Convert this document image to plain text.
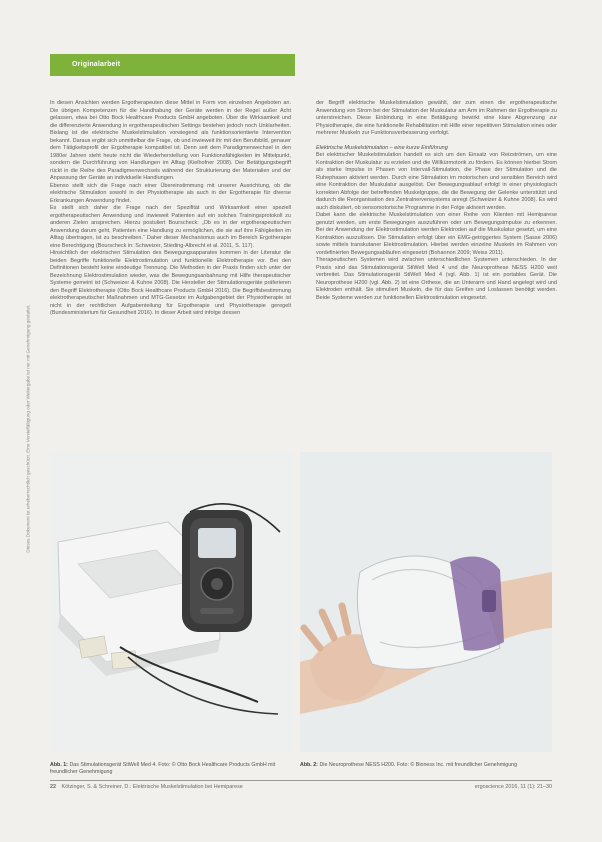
Originalarbeit
Dieses Dokument ist urheberrechtlich geschützt. Eine Vervielfältigung oder Weitergabe ist nur mit Genehmigung gestattet.

In diesen Ansichten werden Ergotherapeuten diese Mittel in Form von einzelnen Angeboten an. Die übrigen Kompetenzen für die Handhabung der Geräte werden in der Regel außer Acht gelassen, etwa bei Otto Bock Healthcare Products GmbH angeboten. Über die Wirksamkeit und die differenzierte Anwendung in ergotherapeutischen Settings bestehen jedoch noch Unklarheiten. Bislang ist die elektrische Muskelstimulation vorwiegend als funktionsorientierte Intervention bekannt. Daraus ergibt sich unmittelbar die Frage, ob und inwieweit ihr mit den Berufsbild, genauer dem Tätigkeitsprofil der Ergotherapie kompatibel ist. Denn seit dem Paradigmenwechsel in den 1980er Jahren steht heute nicht die Wiederherstellung von Funktionsfähigkeiten im Mittelpunkt, sondern die Durchführung von Handlungen im Alltag (Kielhofner 2008). Der Betätigungsbegriff rückt in die Reihe des Paradigmenwechsels während der Strukturierung der Materialien und der Anpassung der Geräte an individuelle Handlungen.

Ebenso stellt sich die Frage nach einer Übereinstimmung mit unserer Ausrichtung, ob die elektrische Stimulation sowohl in der Physiotherapie als auch in der Ergotherapie für diverse Erkrankungen Anwendung findet.

Es stellt sich daher die Frage nach der Spezifität und Wirksamkeit einer speziell ergotherapeutischen Anwendung und inwieweit Patienten auf ein solches Trainingsprotokoll zu anderen Zielen ansprechen. Hierzu postuliert Bourscheck: „Ob es in der ergotherapeutischen Anwendung darum geht, Patienten eine Handlung zu ermöglichen, die sie auf ihre Fähigkeiten im Alltag übertragen, ist zu beschreiben.“ Daher dieser Mechanismus auch im Bereich Ergotherapie eine Berechtigung (Bourscheck in: Schweizer, Stieding-Albrecht et al. 2011, S. 117).

Hinsichtlich der elektrischen Stimulation des Bewegungsapparates kommen in der Literatur die beiden Begriffe funktionelle Elektrostimulation und funktionelle Elektrotherapie vor. Bei den Definitionen besteht keine eindeutige Trennung. Die Methoden in der Praxis finden sich unter der Bezeichnung Elektrostimulation wieder, was die Bewegungsanbahnung mit Hilfe therapeutischer Systeme gemeint ist (Schweizer & Kuhne 2008). Die Hersteller der Stimulationsgeräte präferieren den Begriff Elektrotherapie (Otto Bock Healthcare Products GmbH 2016). Die Begriffsbestimmung elektrotherapeutischer Maßnahmen und MTG-Gesetze im Aufgabengebiet der Physiotherapie ist nicht in der rechtlichen Aufgabenteilung für Ergotherapie und Physiotherapie geregelt (Bundesministerium für Gesundheit 2016). In dieser Arbeit wird infolge dessen

der Begriff elektrische Muskelstimulation gewählt, der zum einen die ergotherapeutische Anwendung von Strom bei der Stimulation der Muskulatur am Arm im Rahmen der Ergotherapie zu unterstreichen. Diese Einbindung in eine Betätigung bewirkt eine klare Abgrenzung zur Physiotherapie, die eine funktionelle Rehabilitation mit Hilfe einer repetitiven Stimulation eines oder mehrerer Muskeln zur Funktionsverbesserung verfolgt.

Elektrische Muskelstimulation – eine kurze Einführung

Bei elektrischer Muskelstimulation handelt es sich um den Einsatz von Reizströmen, um eine Kontraktion der Muskulatur zu erzielen und die Willkürmotorik zu fördern. Es können hierbei Strom als starke Impulse in Phasen von Intervall-Stimulation, die Phase der Stimulation und die Ruhephasen aktiviert werden. Durch eine Stimulation im motorischen und sensiblen Bereich wird eine Kontraktion der Muskulatur ausgelöst. Der Bewegungsablauf erfolgt in einer physiologisch korrekten Abfolge der betreffenden Muskelgruppe, die die Bewegung der Gelenke unterstützt und dadurch die Reorganisation des Zentralnervensystems anregt (Schweizer & Kuhne 2008). Es wird auch diskutiert, ob sensomotorische Programme in der Folge aktiviert werden.

Dabei kann die elektrische Muskelstimulation von einer Reihe von Klienten mit Hemiparese genutzt werden, um erste Bewegungen auszuführen oder um Bewegungsimpulse zu erkennen. Bei der Anwendung der Elektrostimulation werden Elektroden auf die Muskulatur gesetzt, um eine Kontraktion auszulösen. Die Stimulation erfolgt über ein EMG-getriggertes System (Sasse 2006) sowie mittels transkutaner Elektrostimulation. Hierbei werden einzelne Muskeln im Rahmen von vordefinierten Bewegungsabläufen eingesetzt (Bohannon 2009; Weiss 2011).

Therapeutischen Systemen wird zwischen unterschiedlichen Systemen unterschieden. In der Praxis sind das Stimulationsgerät StiWell Med 4 und die Neuroprothese NESS H200 weit verbreitet. Das Stimulationsgerät StiWell Med 4 (vgl. Abb. 1) ist ein portables Gerät. Die Neuroprothese H200 (vgl. Abb. 2) ist eine Orthese, die an Unterarm und Hand angelegt wird und Elektroden enthält. Sie stimuliert Muskeln, die für das Greifen und Loslassen benötigt werden. Beide Systeme werden zur funktionellen Elektrostimulation eingesetzt.

Abb. 1: Das Stimulationsgerät StiWell Med 4. Foto: © Otto Bock Healthcare Products GmbH mit freundlicher Genehmigung
Abb. 2: Die Neuroprothese NESS H200. Foto: © Bioness Inc. mit freundlicher Genehmigung
22 Kötzinger, S. & Schreiner, D.: Elektrische Muskelstimulation bei Hemiparese	ergoscience 2016, 11 (1): 21–30
